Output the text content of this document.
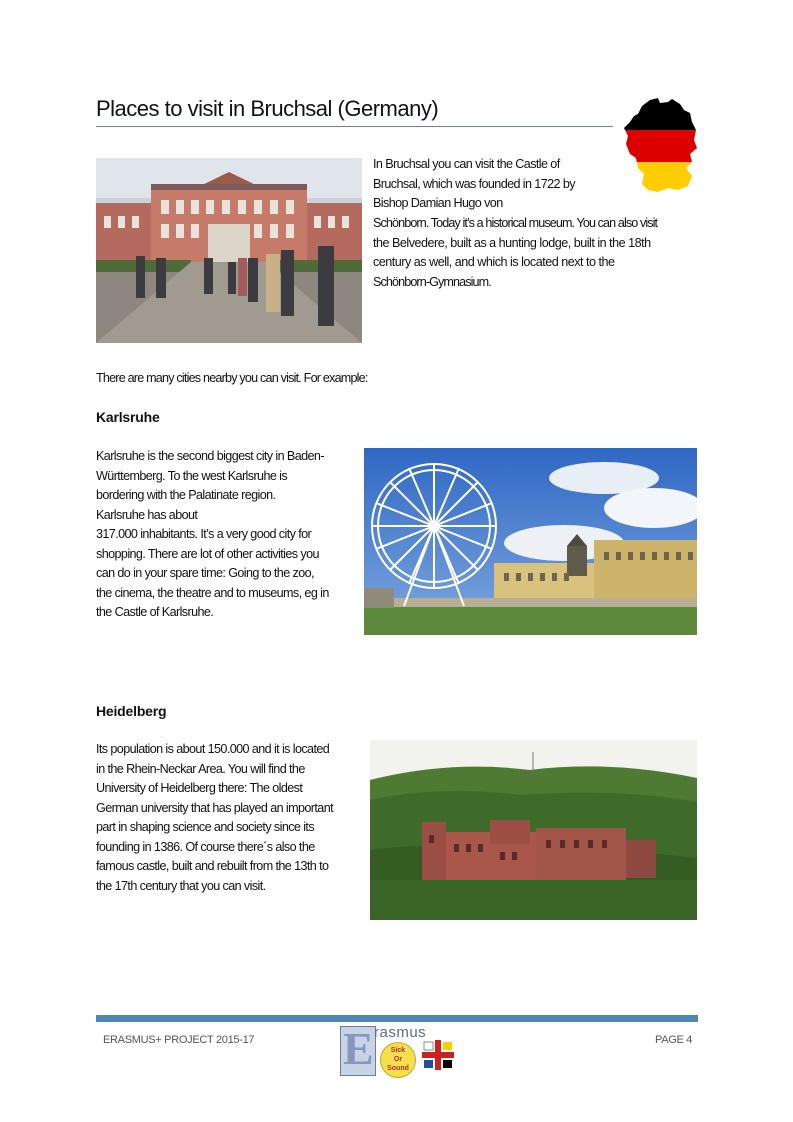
Places to visit in Bruchsal (Germany)
In Bruchsal you can visit the Castle of
Bruchsal, which was founded in 1722 by
Bishop Damian Hugo von
Schönborn. Today it’s a historical museum. You can also visit
the Belvedere, built as a hunting lodge, built in the 18th
century as well, and which is located next to the
Schönborn-Gymnasium.
There are many cities nearby you can visit. For example:
Karlsruhe
Karlsruhe is the second biggest city in Baden-
Württemberg. To the west Karlsruhe is
bordering with the Palatinate region.
Karlsruhe has about
317.000 inhabitants. It’s a very good city for
shopping. There are lot of other activities you
can do in your spare time: Going to the zoo,
the cinema, the theatre and to museums, eg in
the Castle of Karlsruhe.
Heidelberg
Its population is about 150.000 and it is located
in the Rhein-Neckar Area. You will find the
University of Heidelberg there: The oldest
German university that has played an important
part in shaping science and society since its
founding in 1386. Of course there´s also the
famous castle, built and rebuilt from the 13th to
the 17th century that you can visit.
ERASMUS+ PROJECT 2015-17	PAGE 4
E rasmus
Sick
Or
Sound
